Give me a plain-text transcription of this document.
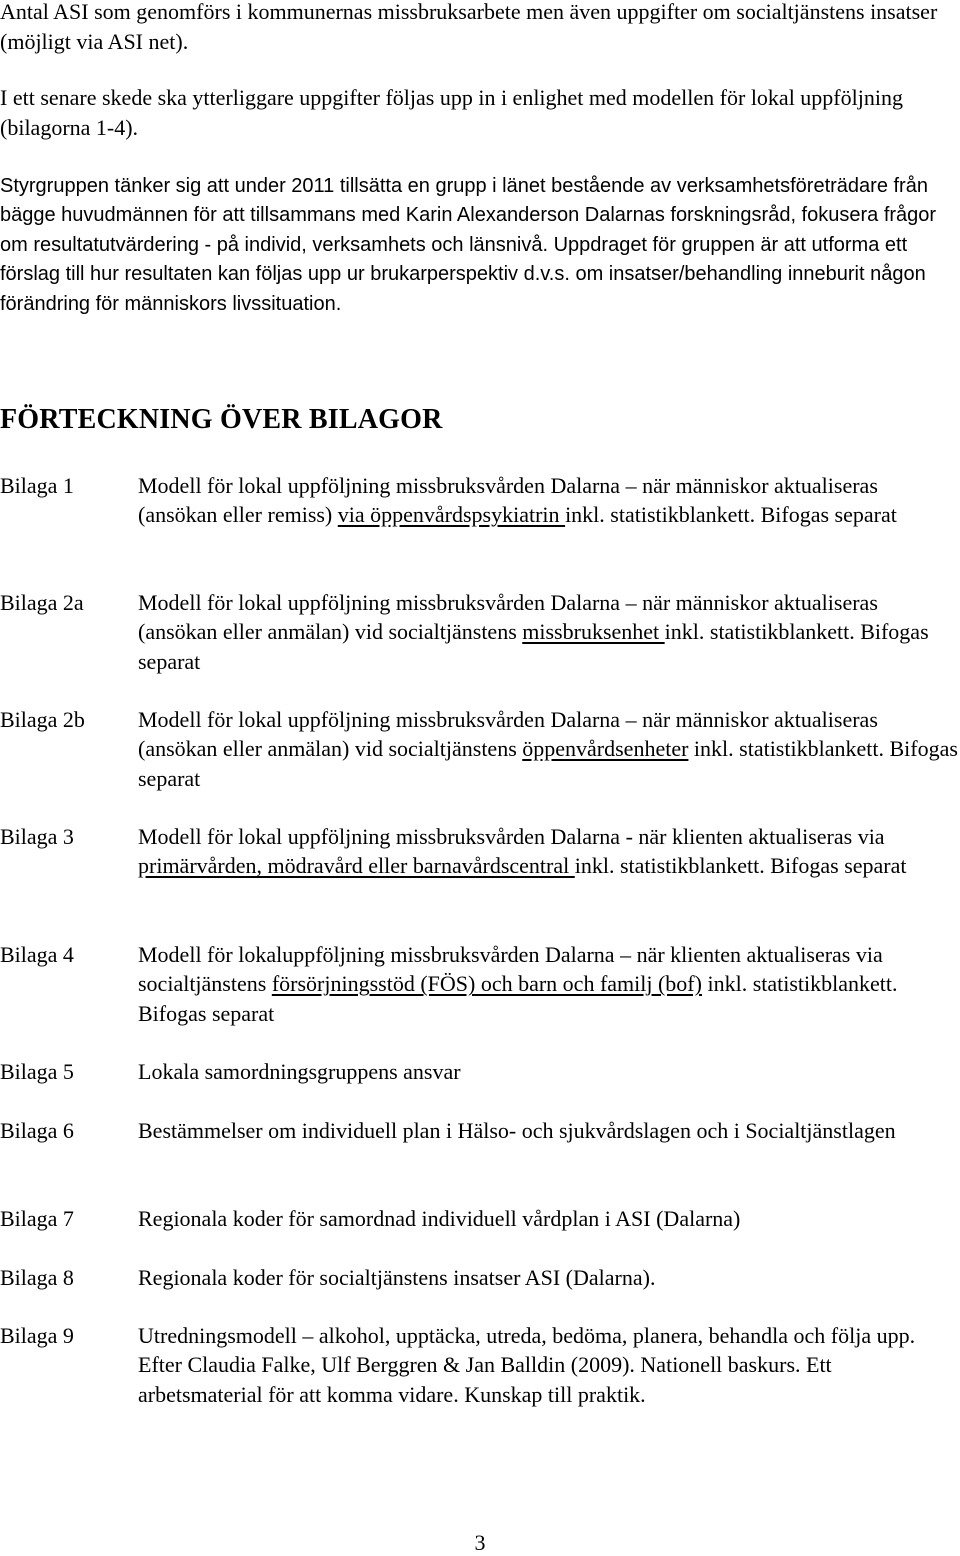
Antal ASI som genomförs i kommunernas missbruksarbete men även uppgifter om socialtjänstens insatser (möjligt via ASI net).

I ett senare skede ska ytterliggare uppgifter följas upp in i enlighet med modellen för lokal uppföljning (bilagorna 1-4).

Styrgruppen tänker sig att under 2011 tillsätta en grupp i länet bestående av verksamhetsföreträdare från bägge huvudmännen för att tillsammans med Karin Alexanderson Dalarnas forskningsråd, fokusera frågor om resultatutvärdering - på individ, verksamhets och länsnivå. Uppdraget för gruppen är att utforma ett förslag till hur resultaten kan följas upp ur brukarperspektiv d.v.s. om insatser/behandling inneburit någon förändring för människors livssituation.

FÖRTECKNING ÖVER BILAGOR
Bilaga 1	Modell för lokal uppföljning missbruksvården Dalarna – när människor aktualiseras (ansökan eller remiss) via öppenvårdspsykiatrin inkl. statistikblankett. Bifogas separat
Bilaga 2a Modell för lokal uppföljning missbruksvården Dalarna – när människor aktualiseras (ansökan eller anmälan) vid socialtjänstens missbruksenhet inkl. statistikblankett. Bifogas separat
Bilaga 2b Modell för lokal uppföljning missbruksvården Dalarna – när människor aktualiseras (ansökan eller anmälan) vid socialtjänstens öppenvårdsenheter inkl. statistikblankett. Bifogas separat
Bilaga 3	Modell för lokal uppföljning missbruksvården Dalarna - när klienten aktualiseras via primärvården, mödravård eller barnavårdscentral inkl. statistikblankett. Bifogas separat
Bilaga 4	Modell för lokaluppföljning missbruksvården Dalarna – när klienten aktualiseras via socialtjänstens försörjningsstöd (FÖS) och barn och familj (bof) inkl. statistikblankett. Bifogas separat
Bilaga 5	Lokala samordningsgruppens ansvar
Bilaga 6	Bestämmelser om individuell plan i Hälso- och sjukvårdslagen och i Socialtjänstlagen
Bilaga 7	Regionala koder för samordnad individuell vårdplan i ASI (Dalarna)
Bilaga 8	Regionala koder för socialtjänstens insatser ASI (Dalarna).
Bilaga 9	Utredningsmodell – alkohol, upptäcka, utreda, bedöma, planera, behandla och följa upp. Efter Claudia Falke, Ulf Berggren & Jan Balldin (2009). Nationell baskurs. Ett arbetsmaterial för att komma vidare. Kunskap till praktik.
3
